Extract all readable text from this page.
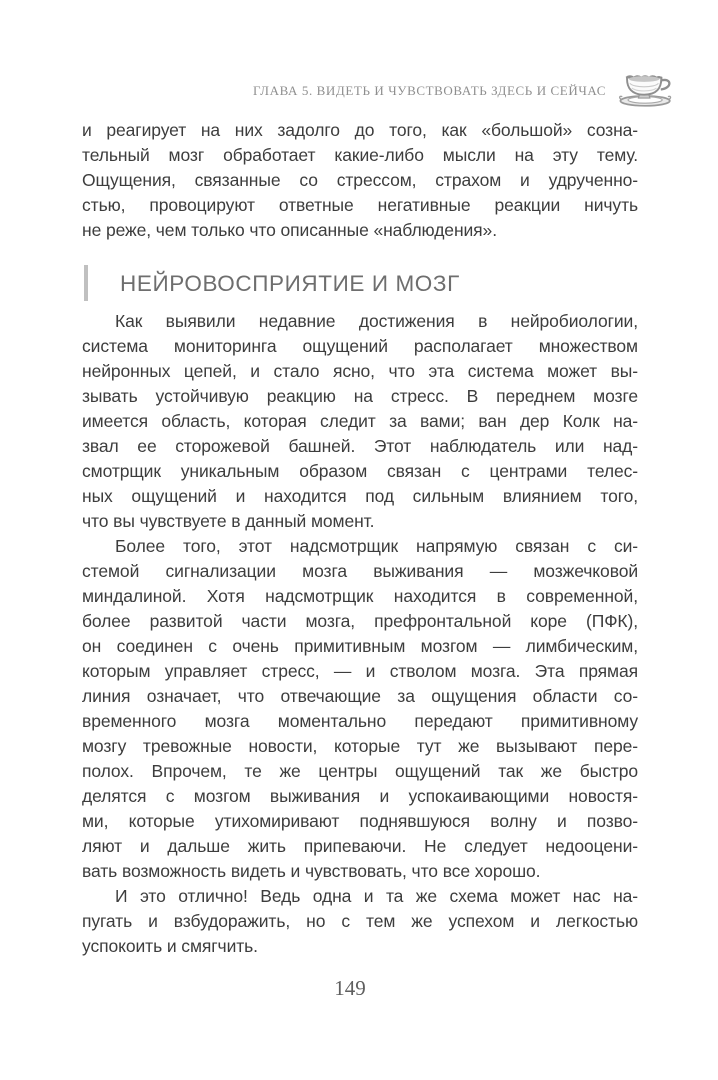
ГЛАВА 5. ВИДЕТЬ И ЧУВСТВОВАТЬ ЗДЕСЬ И СЕЙЧАС
и реагирует на них задолго до того, как «большой» созна-
тельный мозг обработает какие-либо мысли на эту тему.
Ощущения, связанные со стрессом, страхом и удрученно-
стью, провоцируют ответные негативные реакции ничуть
не реже, чем только что описанные «наблюдения».
НЕЙРОВОСПРИЯТИЕ И МОЗГ
Как выявили недавние достижения в нейробиологии,
система мониторинга ощущений располагает множеством
нейронных цепей, и стало ясно, что эта система может вы-
зывать устойчивую реакцию на стресс. В переднем мозге
имеется область, которая следит за вами; ван дер Колк на-
звал ее сторожевой башней. Этот наблюдатель или над-
смотрщик уникальным образом связан с центрами телес-
ных ощущений и находится под сильным влиянием того,
что вы чувствуете в данный момент.
Более того, этот надсмотрщик напрямую связан с си-
стемой сигнализации мозга выживания — мозжечковой
миндалиной. Хотя надсмотрщик находится в современной,
более развитой части мозга, префронтальной коре (ПФК),
он соединен с очень примитивным мозгом — лимбическим,
которым управляет стресс, — и стволом мозга. Эта прямая
линия означает, что отвечающие за ощущения области со-
временного мозга моментально передают примитивному
мозгу тревожные новости, которые тут же вызывают пере-
полох. Впрочем, те же центры ощущений так же быстро
делятся с мозгом выживания и успокаивающими новостя-
ми, которые утихомиривают поднявшуюся волну и позво-
ляют и дальше жить припеваючи. Не следует недооцени-
вать возможность видеть и чувствовать, что все хорошо.
И это отлично! Ведь одна и та же схема может нас на-
пугать и взбудоражить, но с тем же успехом и легкостью
успокоить и смягчить.
149
